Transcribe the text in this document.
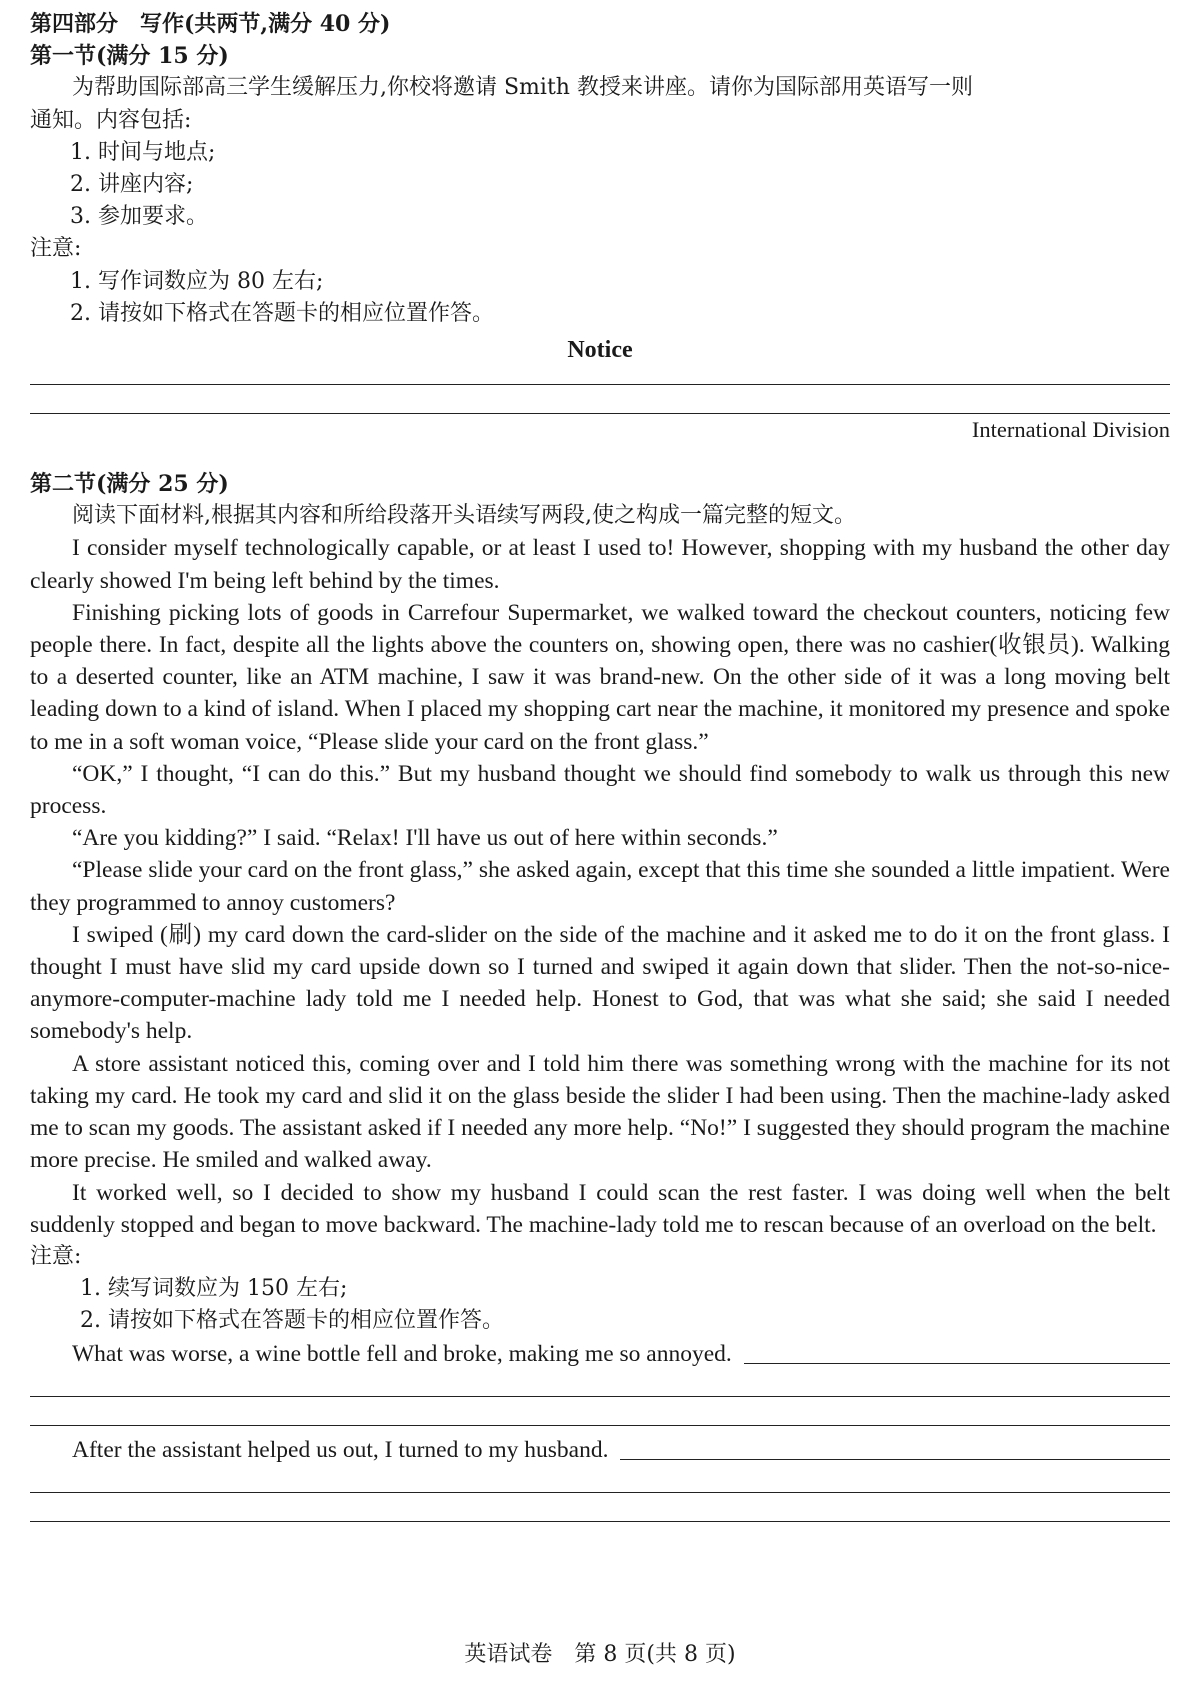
第四部分　写作(共两节,满分 40 分)
第一节(满分 15 分)
为帮助国际部高三学生缓解压力,你校将邀请 Smith 教授来讲座。请你为国际部用英语写一则
通知。内容包括:
1. 时间与地点;
2. 讲座内容;
3. 参加要求。
注意:
1. 写作词数应为 80 左右;
2. 请按如下格式在答题卡的相应位置作答。
Notice
International Division
第二节(满分 25 分)
阅读下面材料,根据其内容和所给段落开头语续写两段,使之构成一篇完整的短文。

I consider myself technologically capable, or at least I used to! However, shopping with my husband the other day clearly showed I'm being left behind by the times.

Finishing picking lots of goods in Carrefour Supermarket, we walked toward the checkout counters, noticing few people there. In fact, despite all the lights above the counters on, showing open, there was no cashier(收银员). Walking to a deserted counter, like an ATM machine, I saw it was brand-new. On the other side of it was a long moving belt leading down to a kind of island. When I placed my shopping cart near the machine, it monitored my presence and spoke to me in a soft woman voice, “Please slide your card on the front glass.”

“OK,” I thought, “I can do this.” But my husband thought we should find somebody to walk us through this new process.

“Are you kidding?” I said. “Relax! I'll have us out of here within seconds.”

“Please slide your card on the front glass,” she asked again, except that this time she sounded a little impatient. Were they programmed to annoy customers?

I swiped (刷) my card down the card-slider on the side of the machine and it asked me to do it on the front glass. I thought I must have slid my card upside down so I turned and swiped it again down that slider. Then the not-so-nice-anymore-computer-machine lady told me I needed help. Honest to God, that was what she said; she said I needed somebody's help.

A store assistant noticed this, coming over and I told him there was something wrong with the machine for its not taking my card. He took my card and slid it on the glass beside the slider I had been using. Then the machine-lady asked me to scan my goods. The assistant asked if I needed any more help. “No!” I suggested they should program the machine more precise. He smiled and walked away.

It worked well, so I decided to show my husband I could scan the rest faster. I was doing well when the belt suddenly stopped and began to move backward. The machine-lady told me to rescan because of an overload on the belt.

注意:
1. 续写词数应为 150 左右;
2. 请按如下格式在答题卡的相应位置作答。
What was worse, a wine bottle fell and broke, making me so annoyed.
After the assistant helped us out, I turned to my husband.
英语试卷　第 8 页(共 8 页)
